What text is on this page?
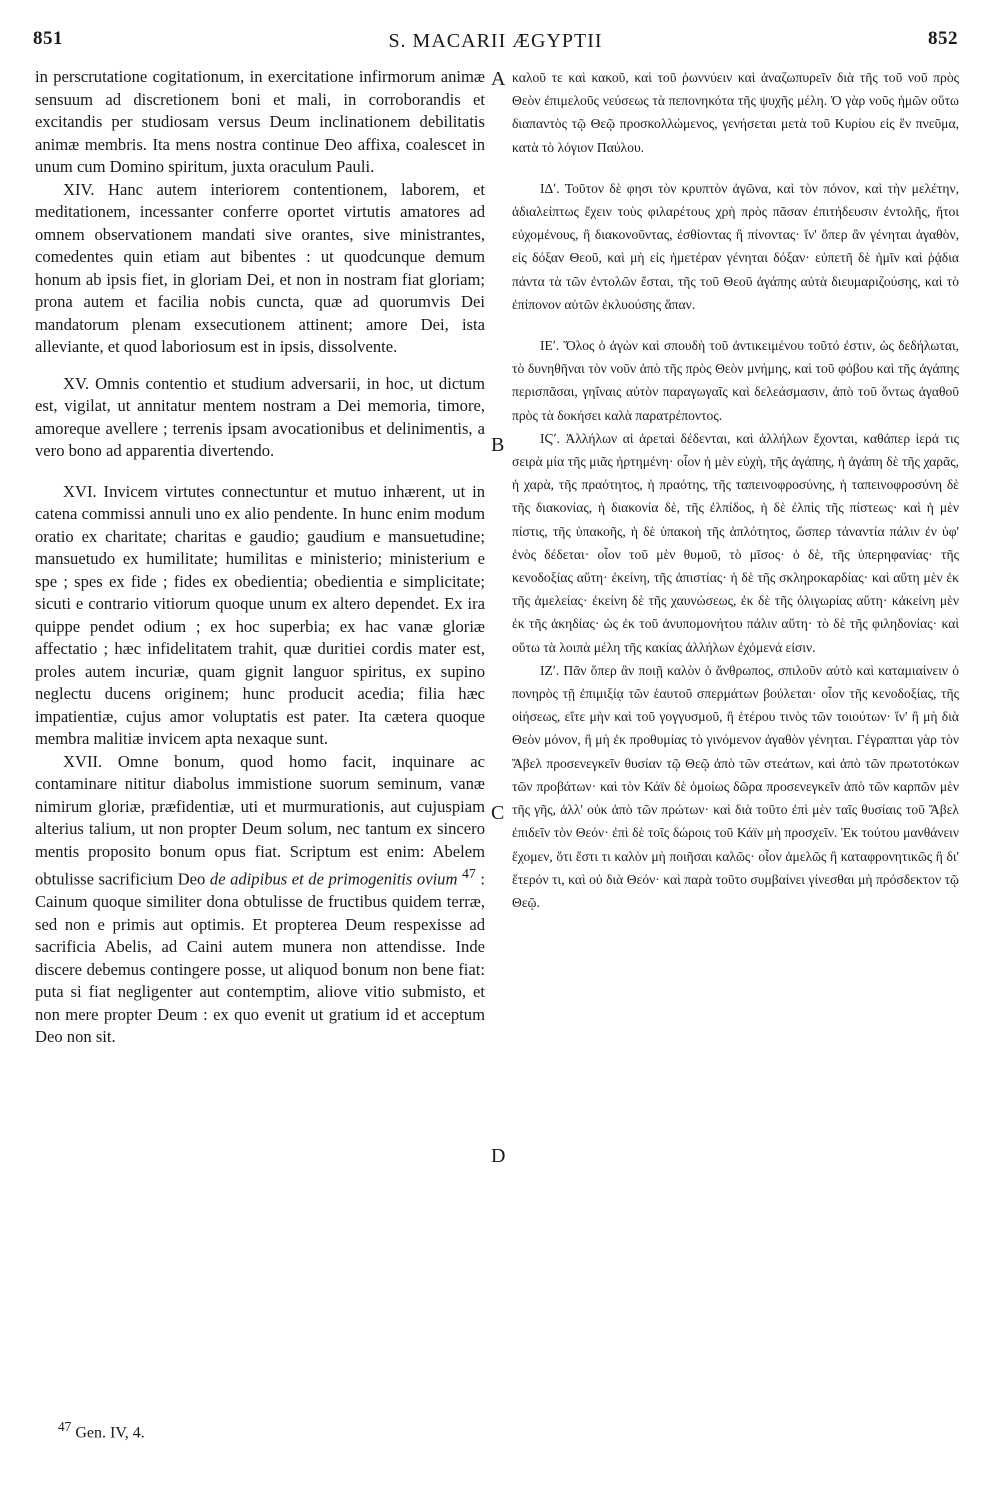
851	S. MACARII ÆGYPTII	852

in perscrutatione cogitationum, in exercitatione infirmorum animæ sensuum ad discretionem boni et mali, in corroborandis et excitandis per studiosam versus Deum inclinationem debilitatis animæ membris. Ita mens nostra continue Deo affixa, coalescet in unum cum Domino spiritum, juxta oraculum Pauli.

XIV. Hanc autem interiorem contentionem, laborem, et meditationem, incessanter conferre oportet virtutis amatores ad omnem observationem mandati sive orantes, sive ministrantes, comedentes quin etiam aut bibentes : ut quodcunque demum honum ab ipsis fiet, in gloriam Dei, et non in nostram fiat gloriam; prona autem et facilia nobis cuncta, quæ ad quorumvis Dei mandatorum plenam exsecutionem attinent; amore Dei, ista alleviante, et quod laboriosum est in ipsis, dissolvente.

XV. Omnis contentio et studium adversarii, in hoc, ut dictum est, vigilat, ut annitatur mentem nostram a Dei memoria, timore, amoreque avellere ; terrenis ipsam avocationibus et delinimentis, a vero bono ad apparentia divertendo.

XVI. Invicem virtutes connectuntur et mutuo inhærent, ut in catena commissi annuli uno ex alio pendente. In hunc enim modum oratio ex charitate; charitas e gaudio; gaudium e mansuetudine; mansuetudo ex humilitate; humilitas e ministerio; ministerium e spe ; spes ex fide ; fides ex obedientia; obedientia e simplicitate; sicuti e contrario vitiorum quoque unum ex altero dependet. Ex ira quippe pendet odium ; ex hoc superbia; ex hac vanæ gloriæ affectatio ; hæc infidelitatem trahit, quæ duritiei cordis mater est, proles autem incuriæ, quam gignit languor spiritus, ex supino neglectu ducens originem; hunc producit acedia; filia hæc impatientiæ, cujus amor voluptatis est pater. Ita cætera quoque membra malitiæ invicem apta nexaque sunt.

XVII. Omne bonum, quod homo facit, inquinare ac contaminare nititur diabolus immistione suorum seminum, vanæ nimirum gloriæ, præfidentiæ, uti et murmurationis, aut cujuspiam alterius talium, ut non propter Deum solum, nec tantum ex sincero mentis proposito bonum opus fiat. Scriptum est enim: Abelem obtulisse sacrificium Deo de adipibus et de primogenitis ovium $^{47}$ : Cainum quoque similiter dona obtulisse de fructibus quidem terræ, sed non e primis aut optimis. Et propterea Deum respexisse ad sacrificia Abelis, ad Caini autem munera non attendisse. Inde discere debemus contingere posse, ut aliquod bonum non bene fiat: puta si fiat negligenter aut contemptim, aliove vitio submisto, et non mere propter Deum : ex quo evenit ut gratium id et acceptum Deo non sit.

A
B
C
D

καλοῦ τε καὶ κακοῦ, καὶ τοῦ ῥωννύειν καὶ ἀναζωπυρεῖν διὰ τῆς τοῦ νοῦ πρὸς Θεὸν ἐπιμελοῦς νεύσεως τὰ πεπονηκότα τῆς ψυχῆς μέλη. Ὁ γὰρ νοῦς ἡμῶν οὕτω διαπαντὸς τῷ Θεῷ προσκολλώμενος, γενήσεται μετὰ τοῦ Κυρίου εἰς ἓν πνεῦμα, κατὰ τὸ λόγιον Παύλου.

ΙΔʹ. Τοῦτον δὲ φησι τὸν κρυπτὸν ἀγῶνα, καὶ τὸν πόνον, καὶ τὴν μελέτην, ἀδιαλείπτως ἔχειν τοὺς φιλαρέτους χρὴ πρὸς πᾶσαν ἐπιτήδευσιν ἐντολῆς, ἤτοι εὐχομένους, ἢ διακονοῦντας, ἐσθίοντας ἢ πίνοντας· ἵν' ὅπερ ἂν γένηται ἀγαθὸν, εἰς δόξαν Θεοῦ, καὶ μὴ εἰς ἡμετέραν γένηται δόξαν· εὐπετῆ δὲ ἡμῖν καὶ ῥᾴδια πάντα τὰ τῶν ἐντολῶν ἔσται, τῆς τοῦ Θεοῦ ἀγάπης αὐτὰ διευμαριζούσης, καὶ τὸ ἐπίπονον αὐτῶν ἐκλυούσης ἅπαν.

ΙΕʹ. Ὅλος ὁ ἀγὼν καὶ σπουδὴ τοῦ ἀντικειμένου τοῦτό ἐστιν, ὡς δεδήλωται, τὸ δυνηθῆναι τὸν νοῦν ἀπὸ τῆς πρὸς Θεὸν μνήμης, καὶ τοῦ φόβου καὶ τῆς ἀγάπης περισπᾶσαι, γηΐναις αὐτὸν παραγωγαῖς καὶ δελεάσμασιν, ἀπὸ τοῦ ὄντως ἀγαθοῦ πρὸς τὰ δοκήσει καλὰ παρατρέποντος.

ΙϚʹ. Ἀλλήλων αἱ ἀρεταὶ δέδενται, καὶ ἀλλήλων ἔχονται, καθάπερ ἱερά τις σειρὰ μία τῆς μιᾶς ἠρτημένη· οἷον ἡ μὲν εὐχὴ, τῆς ἀγάπης, ἡ ἀγάπη δὲ τῆς χαρᾶς, ἡ χαρὰ, τῆς πραότητος, ἡ πραότης, τῆς ταπεινοφροσύνης, ἡ ταπεινοφροσύνη δὲ τῆς διακονίας, ἡ διακονία δὲ, τῆς ἐλπίδος, ἡ δὲ ἐλπὶς τῆς πίστεως· καὶ ἡ μὲν πίστις, τῆς ὑπακοῆς, ἡ δὲ ὑπακοὴ τῆς ἁπλότητος, ὥσπερ τἀναντία πάλιν ἐν ὑφ' ἑνὸς δέδεται· οἷον τοῦ μὲν θυμοῦ, τὸ μῖσος· ὁ δὲ, τῆς ὑπερηφανίας· τῆς κενοδοξίας αὕτη· ἐκείνη, τῆς ἀπιστίας· ἡ δὲ τῆς σκληροκαρδίας· καὶ αὕτη μὲν ἐκ τῆς ἀμελείας· ἐκείνη δὲ τῆς χαυνώσεως, ἐκ δὲ τῆς ὀλιγωρίας αὕτη· κἀκείνη μὲν ἐκ τῆς ἀκηδίας· ὡς ἐκ τοῦ ἀνυπομονήτου πάλιν αὕτη· τὸ δὲ τῆς φιληδονίας· καὶ οὕτω τὰ λοιπὰ μέλη τῆς κακίας ἀλλήλων ἐχόμενά εἰσιν.

ΙΖʹ. Πᾶν ὅπερ ἂν ποιῇ καλὸν ὁ ἄνθρωπος, σπιλοῦν αὐτὸ καὶ καταμιαίνειν ὁ πονηρὸς τῇ ἐπιμιξίᾳ τῶν ἑαυτοῦ σπερμάτων βούλεται· οἷον τῆς κενοδοξίας, τῆς οἰήσεως, εἴτε μὴν καὶ τοῦ γογγυσμοῦ, ἢ ἑτέρου τινὸς τῶν τοιούτων· ἵν' ἢ μὴ διὰ Θεὸν μόνον, ἢ μὴ ἐκ προθυμίας τὸ γινόμενον ἀγαθὸν γένηται. Γέγραπται γὰρ τὸν Ἄβελ προσενεγκεῖν θυσίαν τῷ Θεῷ ἀπὸ τῶν στεάτων, καὶ ἀπὸ τῶν πρωτοτόκων τῶν προβάτων· καὶ τὸν Κάϊν δὲ ὁμοίως δῶρα προσενεγκεῖν ἀπὸ τῶν καρπῶν μὲν τῆς γῆς, ἀλλ' οὐκ ἀπὸ τῶν πρώτων· καὶ διὰ τοῦτο ἐπὶ μὲν ταῖς θυσίαις τοῦ Ἄβελ ἐπιδεῖν τὸν Θεόν· ἐπὶ δὲ τοῖς δώροις τοῦ Κάϊν μὴ προσχεῖν. Ἐκ τούτου μανθάνειν ἔχομεν, ὅτι ἔστι τι καλὸν μὴ ποιῆσαι καλῶς· οἷον ἀμελῶς ἢ καταφρονητικῶς ἢ δι' ἕτερόν τι, καὶ οὐ διὰ Θεόν· καὶ παρὰ τοῦτο συμβαίνει γίνεσθαι μὴ πρόσδεκτον τῷ Θεῷ.

$^{47}$ Gen. IV, 4.
